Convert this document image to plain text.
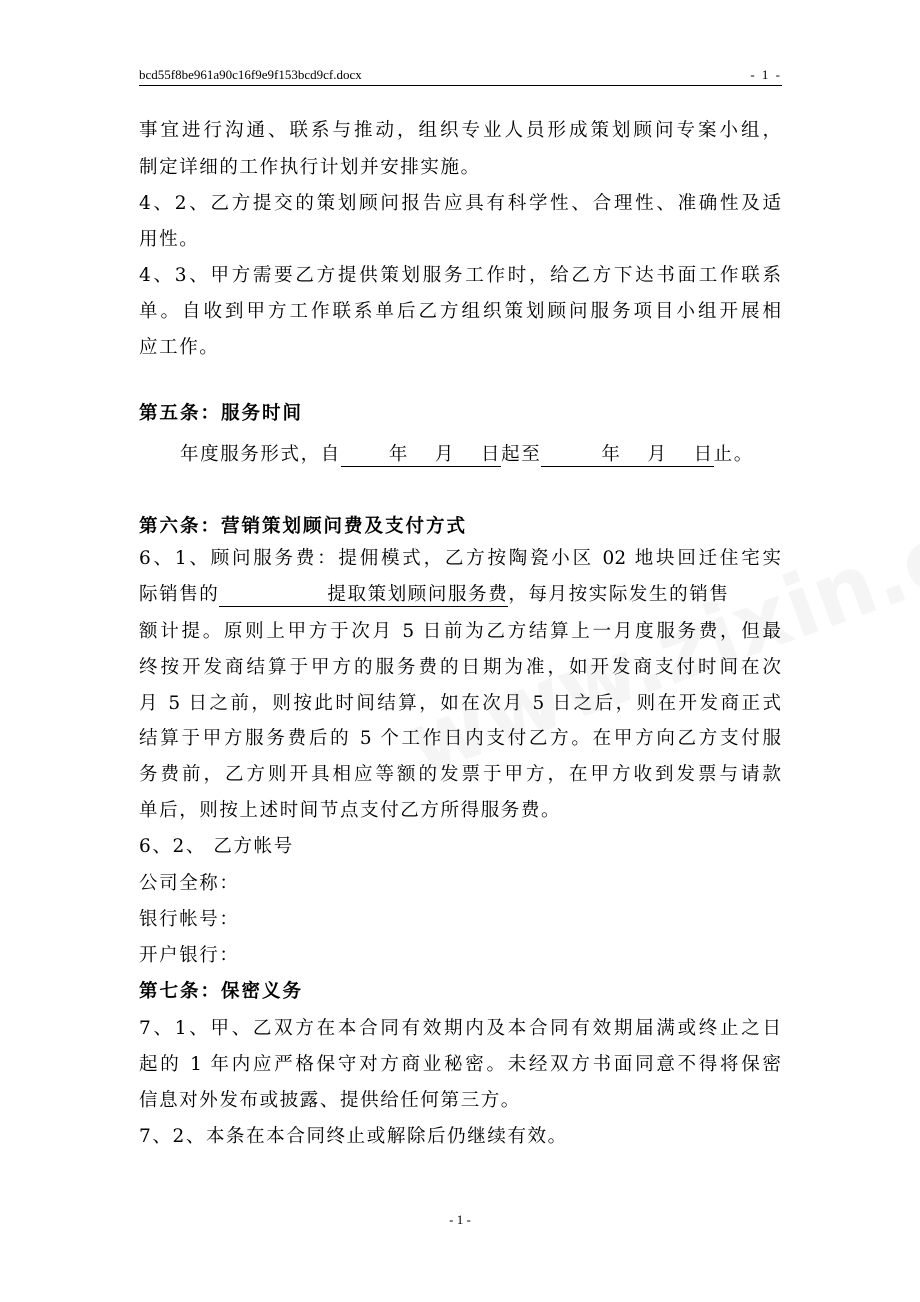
bcd55f8be961a90c16f9e9f153bcd9cf.docx	- 1 -
事宜进行沟通、联系与推动，组织专业人员形成策划顾问专案小组，
制定详细的工作执行计划并安排实施。
4、2、乙方提交的策划顾问报告应具有科学性、合理性、准确性及适
用性。
4、3、甲方需要乙方提供策划服务工作时，给乙方下达书面工作联系
单。自收到甲方工作联系单后乙方组织策划顾问服务项目小组开展相
应工作。
第五条：服务时间
年度服务形式，自	年 月 日起至	年 月 日止。
第六条：营销策划顾问费及支付方式
6、1、顾问服务费：提佣模式，乙方按陶瓷小区 02 地块回迁住宅实
际销售的	提取策划顾问服务费，每月按实际发生的销售
额计提。原则上甲方于次月 5 日前为乙方结算上一月度服务费，但最
终按开发商结算于甲方的服务费的日期为准，如开发商支付时间在次
月 5 日之前，则按此时间结算，如在次月 5 日之后，则在开发商正式
结算于甲方服务费后的 5 个工作日内支付乙方。在甲方向乙方支付服
务费前，乙方则开具相应等额的发票于甲方，在甲方收到发票与请款
单后，则按上述时间节点支付乙方所得服务费。
6、2、 乙方帐号
公司全称：
银行帐号：
开户银行：
第七条：保密义务
7、1、甲、乙双方在本合同有效期内及本合同有效期届满或终止之日
起的 1 年内应严格保守对方商业秘密。未经双方书面同意不得将保密
信息对外发布或披露、提供给任何第三方。
7、2、本条在本合同终止或解除后仍继续有效。
- 1 -
